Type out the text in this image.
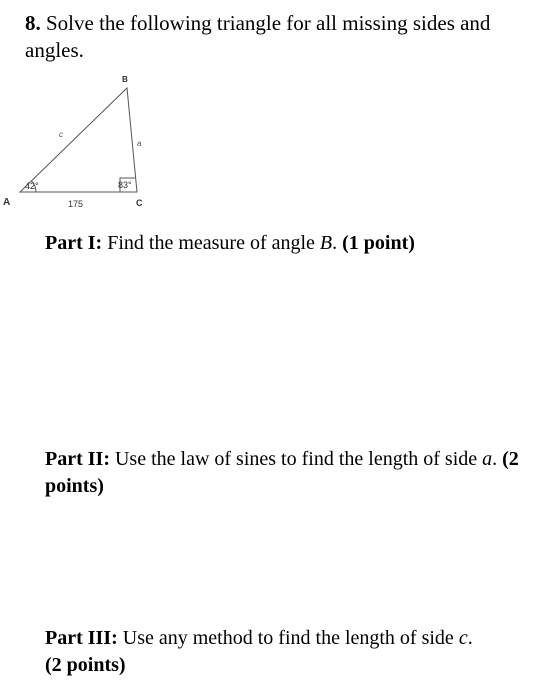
8. Solve the following triangle for all missing sides and angles.
A
B
C
c
a
175
42°	83°
Part I: Find the measure of angle B. (1 point)
Part II: Use the law of sines to find the length of side a. (2 points)
Part III: Use any method to find the length of side c.
(2 points)
